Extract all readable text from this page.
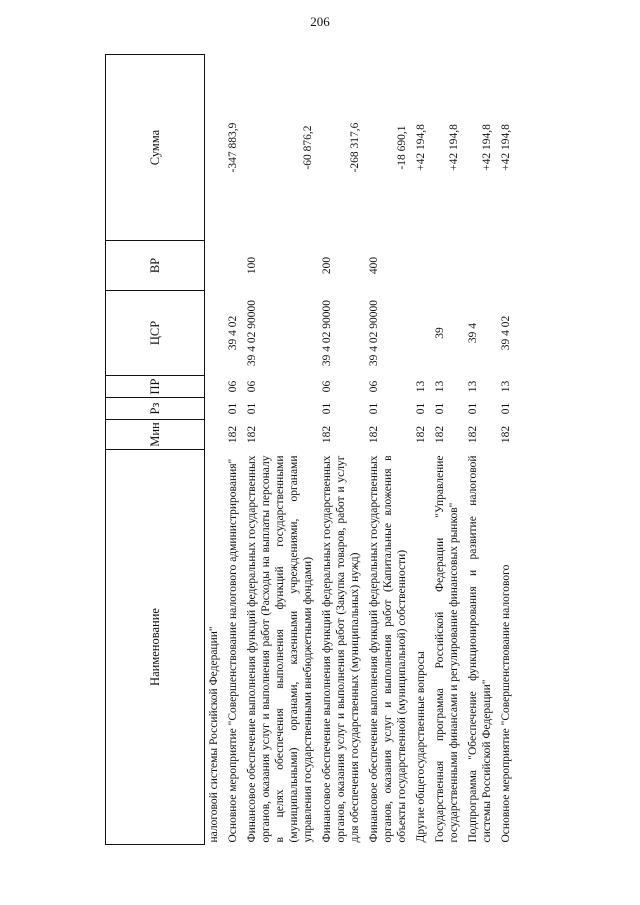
206
Наименование	Мин	Рз	ПР	ЦСР	ВР	Сумма
налоговой системы Российской Федерации"						
Основное мероприятие "Совершенствование налогового администрирования"	182	01	06	39 4 02		-347 883,9
Финансовое обеспечение выполнения функций федеральных государственных органов, оказания услуг и выполнения работ (Расходы на выплаты персоналу в целях обеспечения выполнения функций государственными (муниципальными) органами, казенными учреждениями, органами управления государственными внебюджетными фондами)	182	01	06	39 4 02 90000	100	-60 876,2
Финансовое обеспечение выполнения функций федеральных государственных органов, оказания услуг и выполнения работ (Закупка товаров, работ и услуг для обеспечения государственных (муниципальных) нужд)	182	01	06	39 4 02 90000	200	-268 317,6
Финансовое обеспечение выполнения функций федеральных государственных органов, оказания услуг и выполнения работ (Капитальные вложения в объекты государственной (муниципальной) собственности)	182	01	06	39 4 02 90000	400	-18 690,1
Другие общегосударственные вопросы	182	01	13			+42 194,8
Государственная программа Российской Федерации "Управление государственными финансами и регулирование финансовых рынков"	182	01	13	39		+42 194,8
Подпрограмма "Обеспечение функционирования и развитие налоговой системы Российской Федерации"	182	01	13	39 4		+42 194,8
Основное мероприятие "Совершенствование налогового	182	01	13	39 4 02		+42 194,8
